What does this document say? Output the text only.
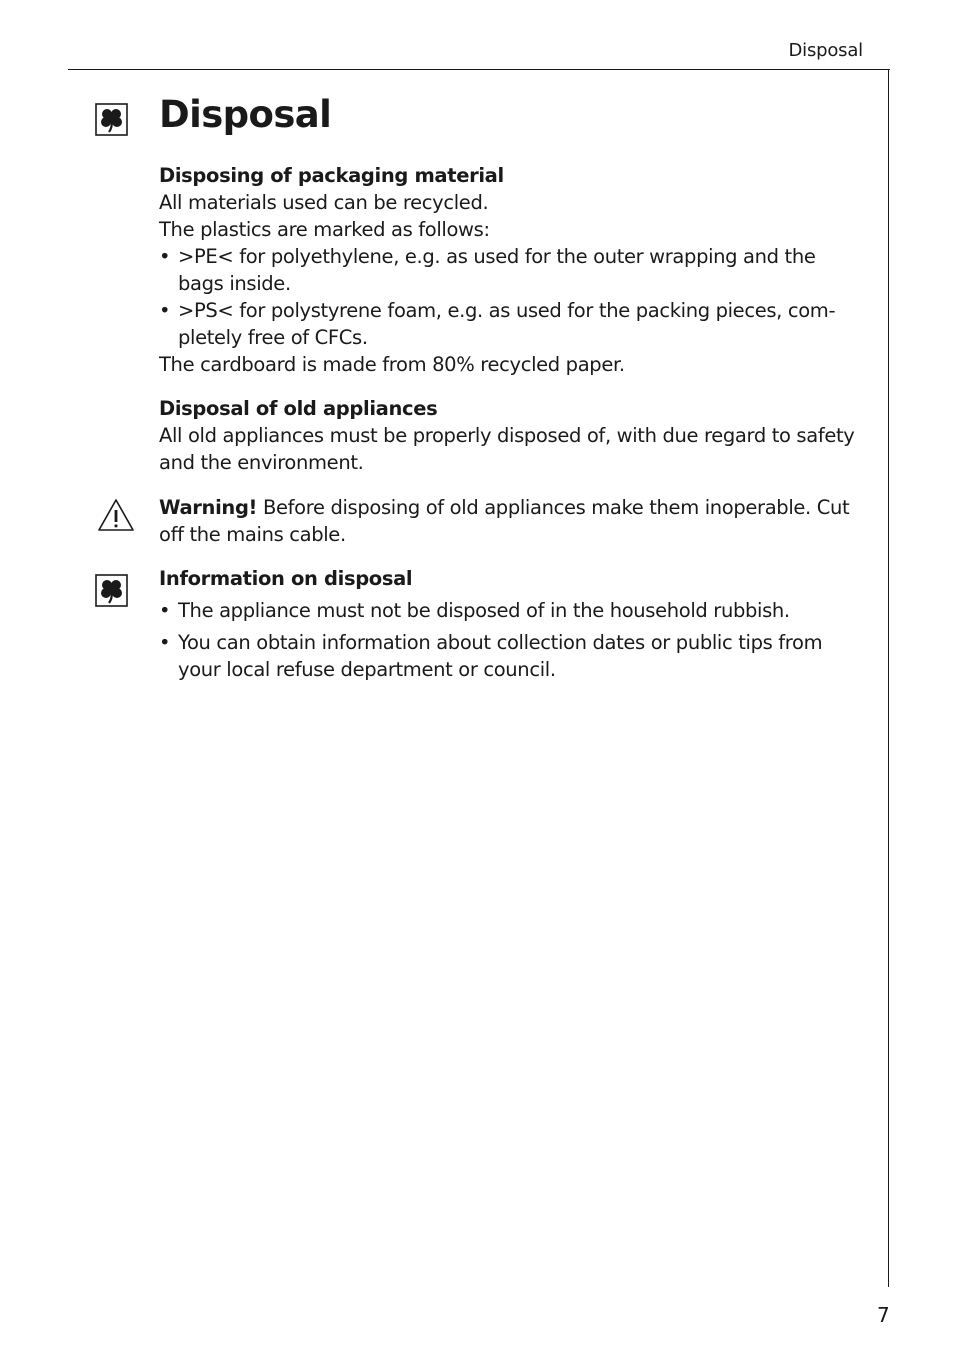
Disposal
Disposal
Disposing of packaging material

All materials used can be recycled.

The plastics are marked as follows:

• >PE< for polyethylene, e.g. as used for the outer wrapping and the bags inside.
• >PS< for polystyrene foam, e.g. as used for the packing pieces, com-pletely free of CFCs.

The cardboard is made from 80% recycled paper.

Disposal of old appliances

All old appliances must be properly disposed of, with due regard to safety and the environment.

Warning! Before disposing of old appliances make them inoperable. Cut off the mains cable.

Information on disposal
• The appliance must not be disposed of in the household rubbish.
• You can obtain information about collection dates or public tips from your local refuse department or council.
7
